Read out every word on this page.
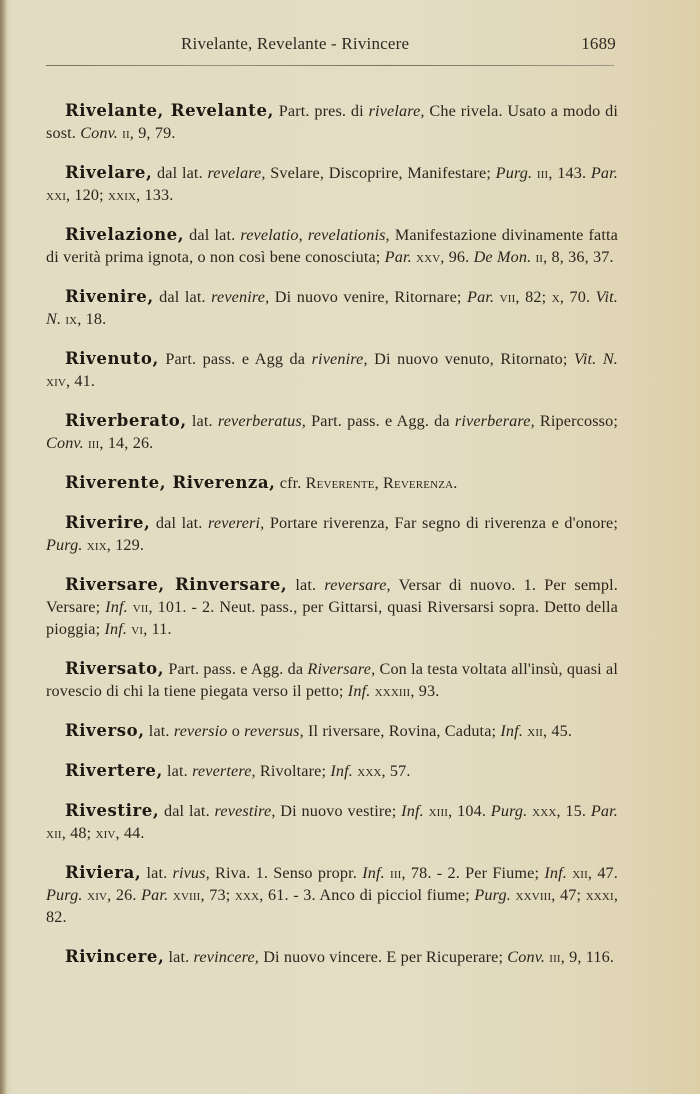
Rivelante, Revelante - Rivincere	1689

Rivelante, Revelante, Part. pres. di rivelare, Che rivela. Usato a modo di sost. Conv. ii, 9, 79.

Rivelare, dal lat. revelare, Svelare, Discoprire, Manifestare; Purg. iii, 143. Par. xxi, 120; xxix, 133.

Rivelazione, dal lat. revelatio, revelationis, Manifestazione divinamente fatta di verità prima ignota, o non così bene conosciuta; Par. xxv, 96. De Mon. ii, 8, 36, 37.

Rivenire, dal lat. revenire, Di nuovo venire, Ritornare; Par. vii, 82; x, 70. Vit. N. ix, 18.

Rivenuto, Part. pass. e Agg da rivenire, Di nuovo venuto, Ritornato; Vit. N. xiv, 41.

Riverberato, lat. reverberatus, Part. pass. e Agg. da riverberare, Ripercosso; Conv. iii, 14, 26.

Riverente, Riverenza, cfr. Reverente, Reverenza.

Riverire, dal lat. revereri, Portare riverenza, Far segno di riverenza e d'onore; Purg. xix, 129.

Riversare, Rinversare, lat. reversare, Versar di nuovo. 1. Per sempl. Versare; Inf. vii, 101. - 2. Neut. pass., per Gittarsi, quasi Riversarsi sopra. Detto della pioggia; Inf. vi, 11.

Riversato, Part. pass. e Agg. da Riversare, Con la testa voltata all'insù, quasi al rovescio di chi la tiene piegata verso il petto; Inf. xxxiii, 93.

Riverso, lat. reversio o reversus, Il riversare, Rovina, Caduta; Inf. xii, 45.

Rivertere, lat. revertere, Rivoltare; Inf. xxx, 57.

Rivestire, dal lat. revestire, Di nuovo vestire; Inf. xiii, 104. Purg. xxx, 15. Par. xii, 48; xiv, 44.

Riviera, lat. rivus, Riva. 1. Senso propr. Inf. iii, 78. - 2. Per Fiume; Inf. xii, 47. Purg. xiv, 26. Par. xviii, 73; xxx, 61. - 3. Anco di picciol fiume; Purg. xxviii, 47; xxxi, 82.

Rivincere, lat. revincere, Di nuovo vincere. E per Ricuperare; Conv. iii, 9, 116.
